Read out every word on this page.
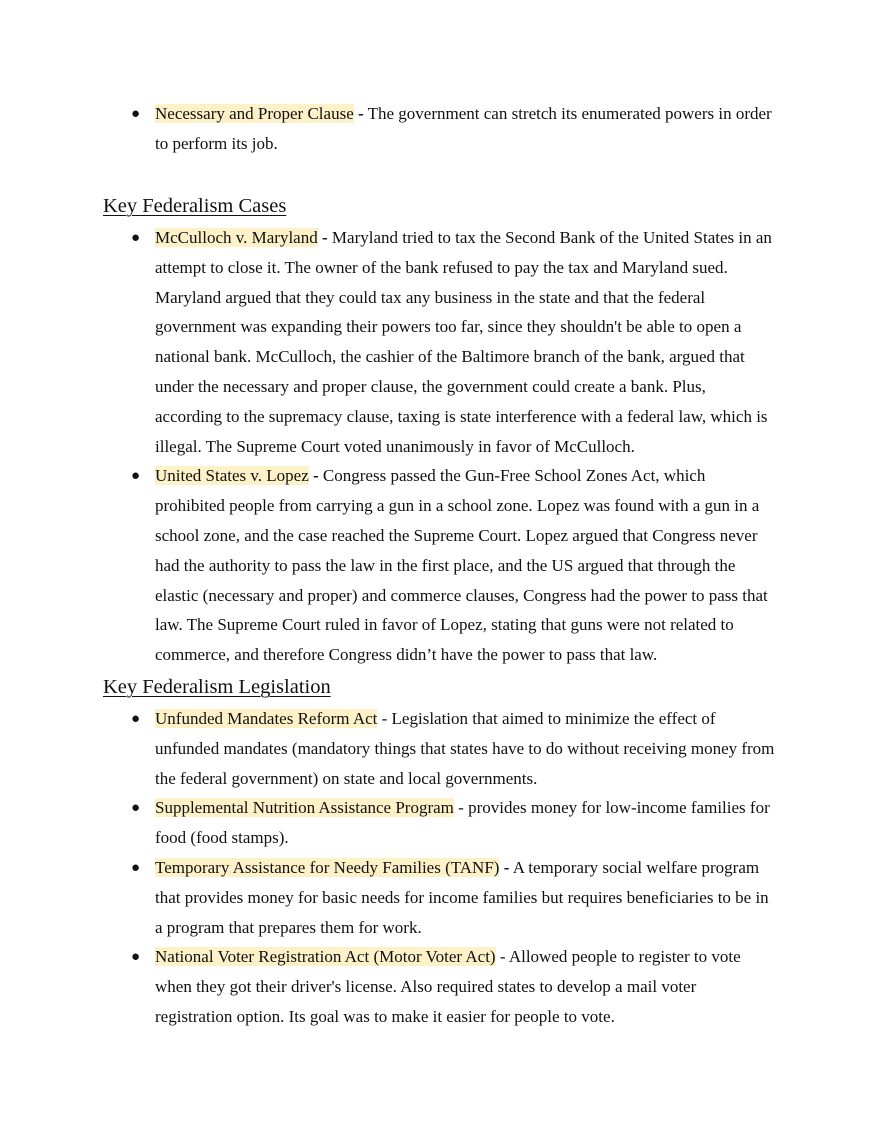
● Necessary and Proper Clause - The government can stretch its enumerated powers in order to perform its job.
Key Federalism Cases
● McCulloch v. Maryland - Maryland tried to tax the Second Bank of the United States in an attempt to close it. The owner of the bank refused to pay the tax and Maryland sued. Maryland argued that they could tax any business in the state and that the federal government was expanding their powers too far, since they shouldn't be able to open a national bank. McCulloch, the cashier of the Baltimore branch of the bank, argued that under the necessary and proper clause, the government could create a bank. Plus, according to the supremacy clause, taxing is state interference with a federal law, which is illegal. The Supreme Court voted unanimously in favor of McCulloch.
● United States v. Lopez - Congress passed the Gun-Free School Zones Act, which prohibited people from carrying a gun in a school zone. Lopez was found with a gun in a school zone, and the case reached the Supreme Court. Lopez argued that Congress never had the authority to pass the law in the first place, and the US argued that through the elastic (necessary and proper) and commerce clauses, Congress had the power to pass that law. The Supreme Court ruled in favor of Lopez, stating that guns were not related to commerce, and therefore Congress didn’t have the power to pass that law.
Key Federalism Legislation
● Unfunded Mandates Reform Act - Legislation that aimed to minimize the effect of unfunded mandates (mandatory things that states have to do without receiving money from the federal government) on state and local governments.
● Supplemental Nutrition Assistance Program - provides money for low-income families for food (food stamps).
● Temporary Assistance for Needy Families (TANF) - A temporary social welfare program that provides money for basic needs for income families but requires beneficiaries to be in a program that prepares them for work.
● National Voter Registration Act (Motor Voter Act) - Allowed people to register to vote when they got their driver's license. Also required states to develop a mail voter registration option. Its goal was to make it easier for people to vote.
